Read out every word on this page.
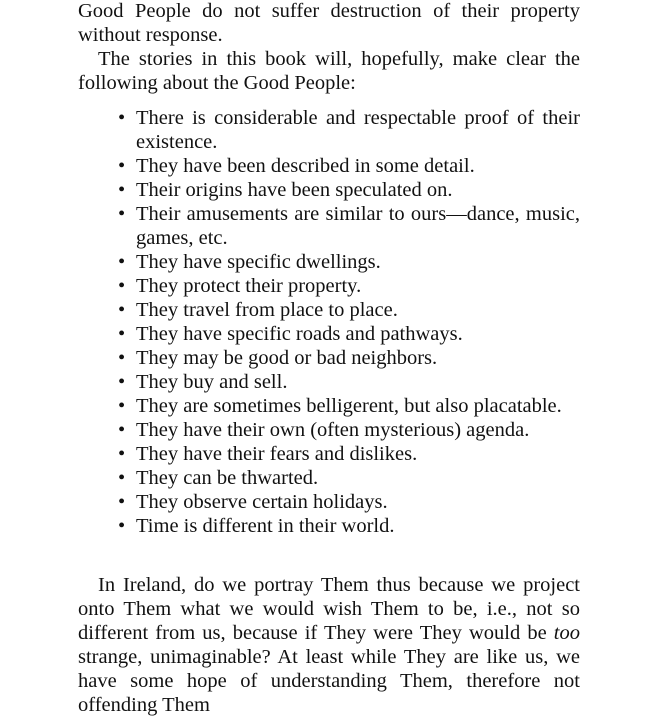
Good People do not suffer destruction of their property without response.

The stories in this book will, hopefully, make clear the following about the Good People:

• There is considerable and respectable proof of their existence.
• They have been described in some detail.
• Their origins have been speculated on.
• Their amusements are similar to ours—dance, music, games, etc.
• They have specific dwellings.
• They protect their property.
• They travel from place to place.
• They have specific roads and pathways.
• They may be good or bad neighbors.
• They buy and sell.
• They are sometimes belligerent, but also placatable.
• They have their own (often mysterious) agenda.
• They have their fears and dislikes.
• They can be thwarted.
• They observe certain holidays.
• Time is different in their world.

In Ireland, do we portray Them thus because we project onto Them what we would wish Them to be, i.e., not so different from us, because if They were They would be too strange, unimaginable? At least while They are like us, we have some hope of understanding Them, therefore not offending Them
